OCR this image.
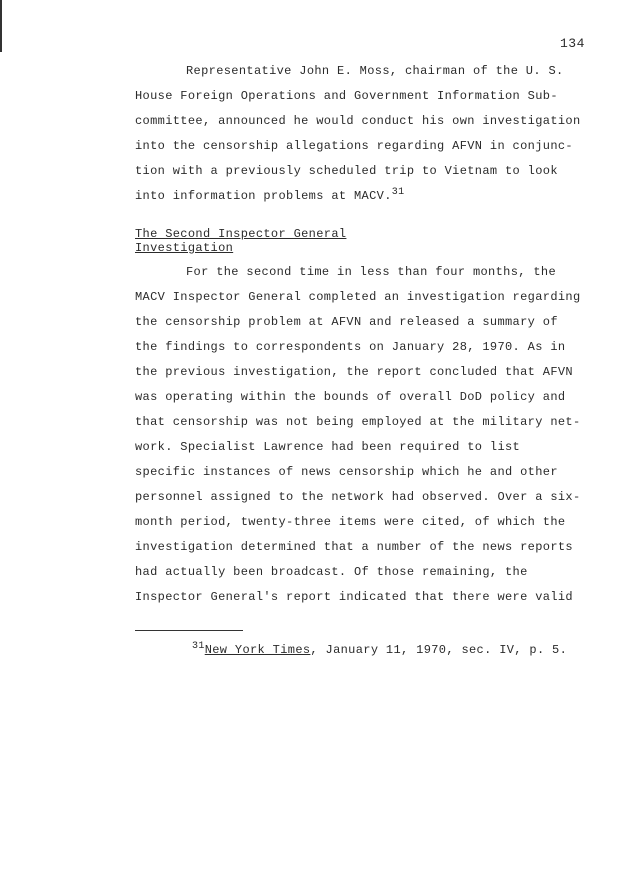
134
Representative John E. Moss, chairman of the U. S.
House Foreign Operations and Government Information Sub-
committee, announced he would conduct his own investigation
into the censorship allegations regarding AFVN in conjunc-
tion with a previously scheduled trip to Vietnam to look
into information problems at MACV.$^{31}$
The Second Inspector General
Investigation
For the second time in less than four months, the
MACV Inspector General completed an investigation regarding
the censorship problem at AFVN and released a summary of
the findings to correspondents on January 28, 1970. As in
the previous investigation, the report concluded that AFVN
was operating within the bounds of overall DoD policy and
that censorship was not being employed at the military net-
work. Specialist Lawrence had been required to list
specific instances of news censorship which he and other
personnel assigned to the network had observed. Over a six-
month period, twenty-three items were cited, of which the
investigation determined that a number of the news reports
had actually been broadcast. Of those remaining, the
Inspector General's report indicated that there were valid
$^{31}$New York Times, January 11, 1970, sec. IV, p. 5.
